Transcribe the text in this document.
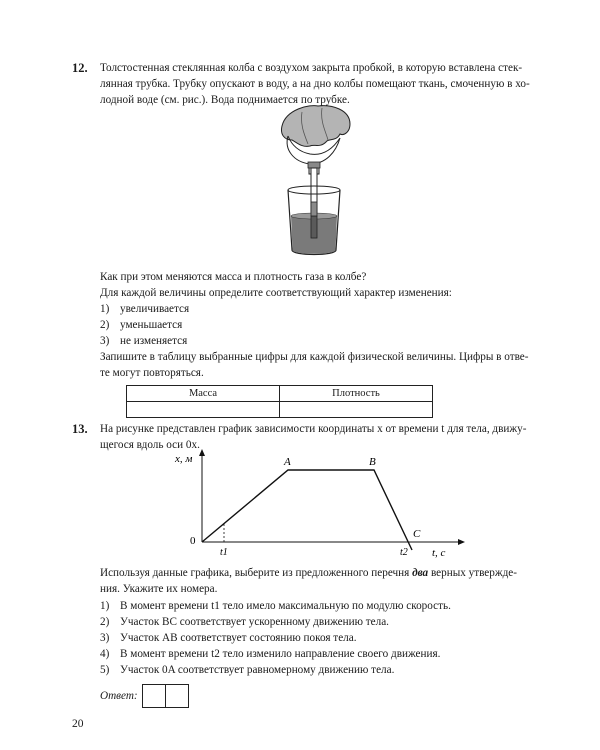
12. Толстостенная стеклянная колба с воздухом закрыта пробкой, в которую вставлена стек-
лянная трубка. Трубку опускают в воду, а на дно колбы помещают ткань, смоченную в хо-
лодной воде (см. рис.). Вода поднимается по трубке.
Как при этом меняются масса и плотность газа в колбе?
Для каждой величины определите соответствующий характер изменения:
1) увеличивается
2) уменьшается
3) не изменяется
Запишите в таблицу выбранные цифры для каждой физической величины. Цифры в отве-
те могут повторяться.
Масса	Плотность

13. На рисунке представлен график зависимости координаты x от времени t для тела, движу-
щегося вдоль оси 0x.
x, м
t, с
0
A	B
C
t1	t2
Используя данные графика, выберите из предложенного перечня два верных утвержде-
ния. Укажите их номера.
1) В момент времени t1 тело имело максимальную по модулю скорость.
2) Участок BC соответствует ускоренному движению тела.
3) Участок AB соответствует состоянию покоя тела.
4) В момент времени t2 тело изменило направление своего движения.
5) Участок 0A соответствует равномерному движению тела.
Ответ:
20
